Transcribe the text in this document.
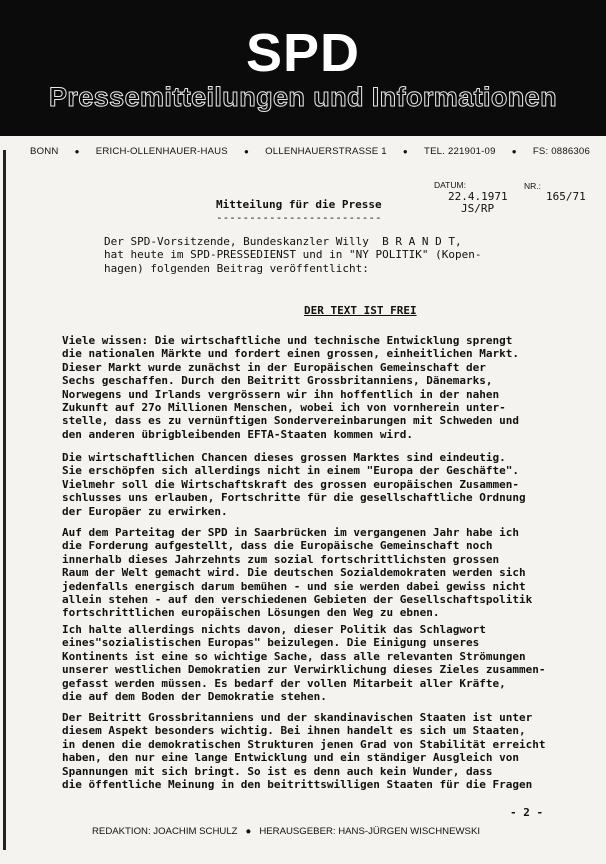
SPD
Pressemitteilungen und Informationen
BONN ● ERICH-OLLENHAUER-HAUS ● OLLENHAUERSTRASSE 1 ● TEL. 221901-09 ● FS: 0886306
DATUM:	NR.:
22.4.1971	165/71
JS/RP
Mitteilung für die Presse
-------------------------
Der SPD-Vorsitzende, Bundeskanzler Willy  B R A N D T,
hat heute im SPD-PRESSEDIENST und in "NY POLITIK" (Kopen-
hagen) folgenden Beitrag veröffentlicht:
DER TEXT IST FREI
Viele wissen: Die wirtschaftliche und technische Entwicklung sprengt
die nationalen Märkte und fordert einen grossen, einheitlichen Markt.
Dieser Markt wurde zunächst in der Europäischen Gemeinschaft der
Sechs geschaffen. Durch den Beitritt Grossbritanniens, Dänemarks,
Norwegens und Irlands vergrössern wir ihn hoffentlich in der nahen
Zukunft auf 27o Millionen Menschen, wobei ich von vornherein unter-
stelle, dass es zu vernünftigen Sondervereinbarungen mit Schweden und
den anderen übrigbleibenden EFTA-Staaten kommen wird.
Die wirtschaftlichen Chancen dieses grossen Marktes sind eindeutig.
Sie erschöpfen sich allerdings nicht in einem "Europa der Geschäfte".
Vielmehr soll die Wirtschaftskraft des grossen europäischen Zusammen-
schlusses uns erlauben, Fortschritte für die gesellschaftliche Ordnung
der Europäer zu erwirken.
Auf dem Parteitag der SPD in Saarbrücken im vergangenen Jahr habe ich
die Forderung aufgestellt, dass die Europäische Gemeinschaft noch
innerhalb dieses Jahrzehnts zum sozial fortschrittlichsten grossen
Raum der Welt gemacht wird. Die deutschen Sozialdemokraten werden sich
jedenfalls energisch darum bemühen - und sie werden dabei gewiss nicht
allein stehen - auf den verschiedenen Gebieten der Gesellschaftspolitik
fortschrittlichen europäischen Lösungen den Weg zu ebnen.
Ich halte allerdings nichts davon, dieser Politik das Schlagwort
eines"sozialistischen Europas" beizulegen. Die Einigung unseres
Kontinents ist eine so wichtige Sache, dass alle relevanten Strömungen
unserer westlichen Demokratien zur Verwirklichung dieses Zieles zusammen-
gefasst werden müssen. Es bedarf der vollen Mitarbeit aller Kräfte,
die auf dem Boden der Demokratie stehen.
Der Beitritt Grossbritanniens und der skandinavischen Staaten ist unter
diesem Aspekt besonders wichtig. Bei ihnen handelt es sich um Staaten,
in denen die demokratischen Strukturen jenen Grad von Stabilität erreicht
haben, den nur eine lange Entwicklung und ein ständiger Ausgleich von
Spannungen mit sich bringt. So ist es denn auch kein Wunder, dass
die öffentliche Meinung in den beitrittswilligen Staaten für die Fragen
- 2 -
REDAKTION: JOACHIM SCHULZ ● HERAUSGEBER: HANS-JÜRGEN WISCHNEWSKI
